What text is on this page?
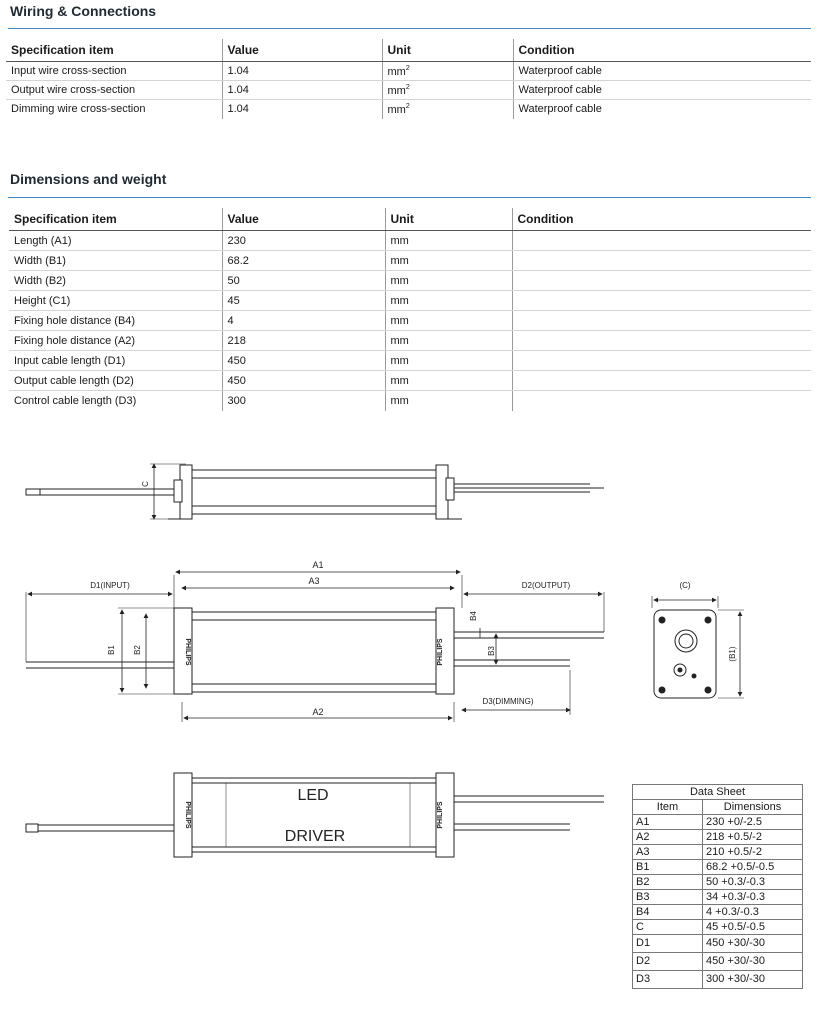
Wiring & Connections
Specification item	Value	Unit	Condition
Input wire cross-section	1.04	$mm^2$	Waterproof cable
Output wire cross-section	1.04	$mm^2$	Waterproof cable
Dimming wire cross-section	1.04	$mm^2$	Waterproof cable
Dimensions and weight
Specification item	Value	Unit	Condition
Length (A1)	230	mm	
Width (B1)	68.2	mm	
Width (B2)	50	mm	
Height (C1)	45	mm	
Fixing hole distance (B4)	4	mm	
Fixing hole distance (A2)	218	mm	
Input cable length (D1)	450	mm	
Output cable length (D2)	450	mm	
Control cable length (D3)	300	mm	
C
PHILIPS	PHILIPS
A1
A3
D1(INPUT)	D2(OUTPUT)
B1 B2	B3
B4
A2
D3(DIMMING)
(C)
(B1)
PHILIPS	PHILIPS
LED
DRIVER
Data Sheet	
Item	Dimensions
A1	230 +0/-2.5
A2	218 +0.5/-2
A3	210 +0.5/-2
B1	68.2 +0.5/-0.5
B2	50 +0.3/-0.3
B3	34 +0.3/-0.3
B4	4 +0.3/-0.3
C	45 +0.5/-0.5
D1	450 +30/-30
D2	450 +30/-30
D3	300 +30/-30
